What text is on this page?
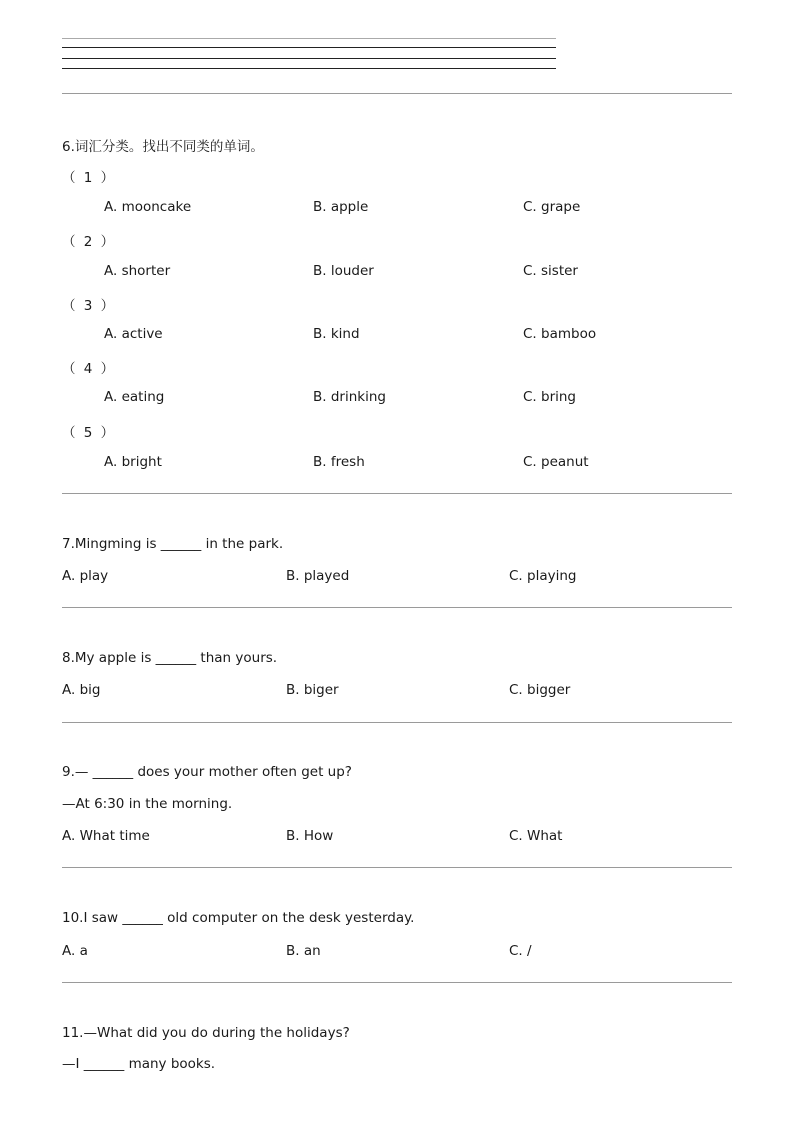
6.词汇分类。找出不同类的单词。
（ 1 ）
A. mooncake	B. apple	C. grape
（ 2 ）
A. shorter	B. louder	C. sister
（ 3 ）
A. active	B. kind	C. bamboo
（ 4 ）
A. eating	B. drinking	C. bring
（ 5 ）
A. bright	B. fresh	C. peanut
7.Mingming is ______ in the park.
A. play	B. played	C. playing
8.My apple is ______ than yours.
A. big	B. biger	C. bigger
9.— ______ does your mother often get up?
—At 6:30 in the morning.
A. What time	B. How	C. What
10.I saw ______ old computer on the desk yesterday.
A. a	B. an	C. /
11.—What did you do during the holidays?
—I ______ many books.
